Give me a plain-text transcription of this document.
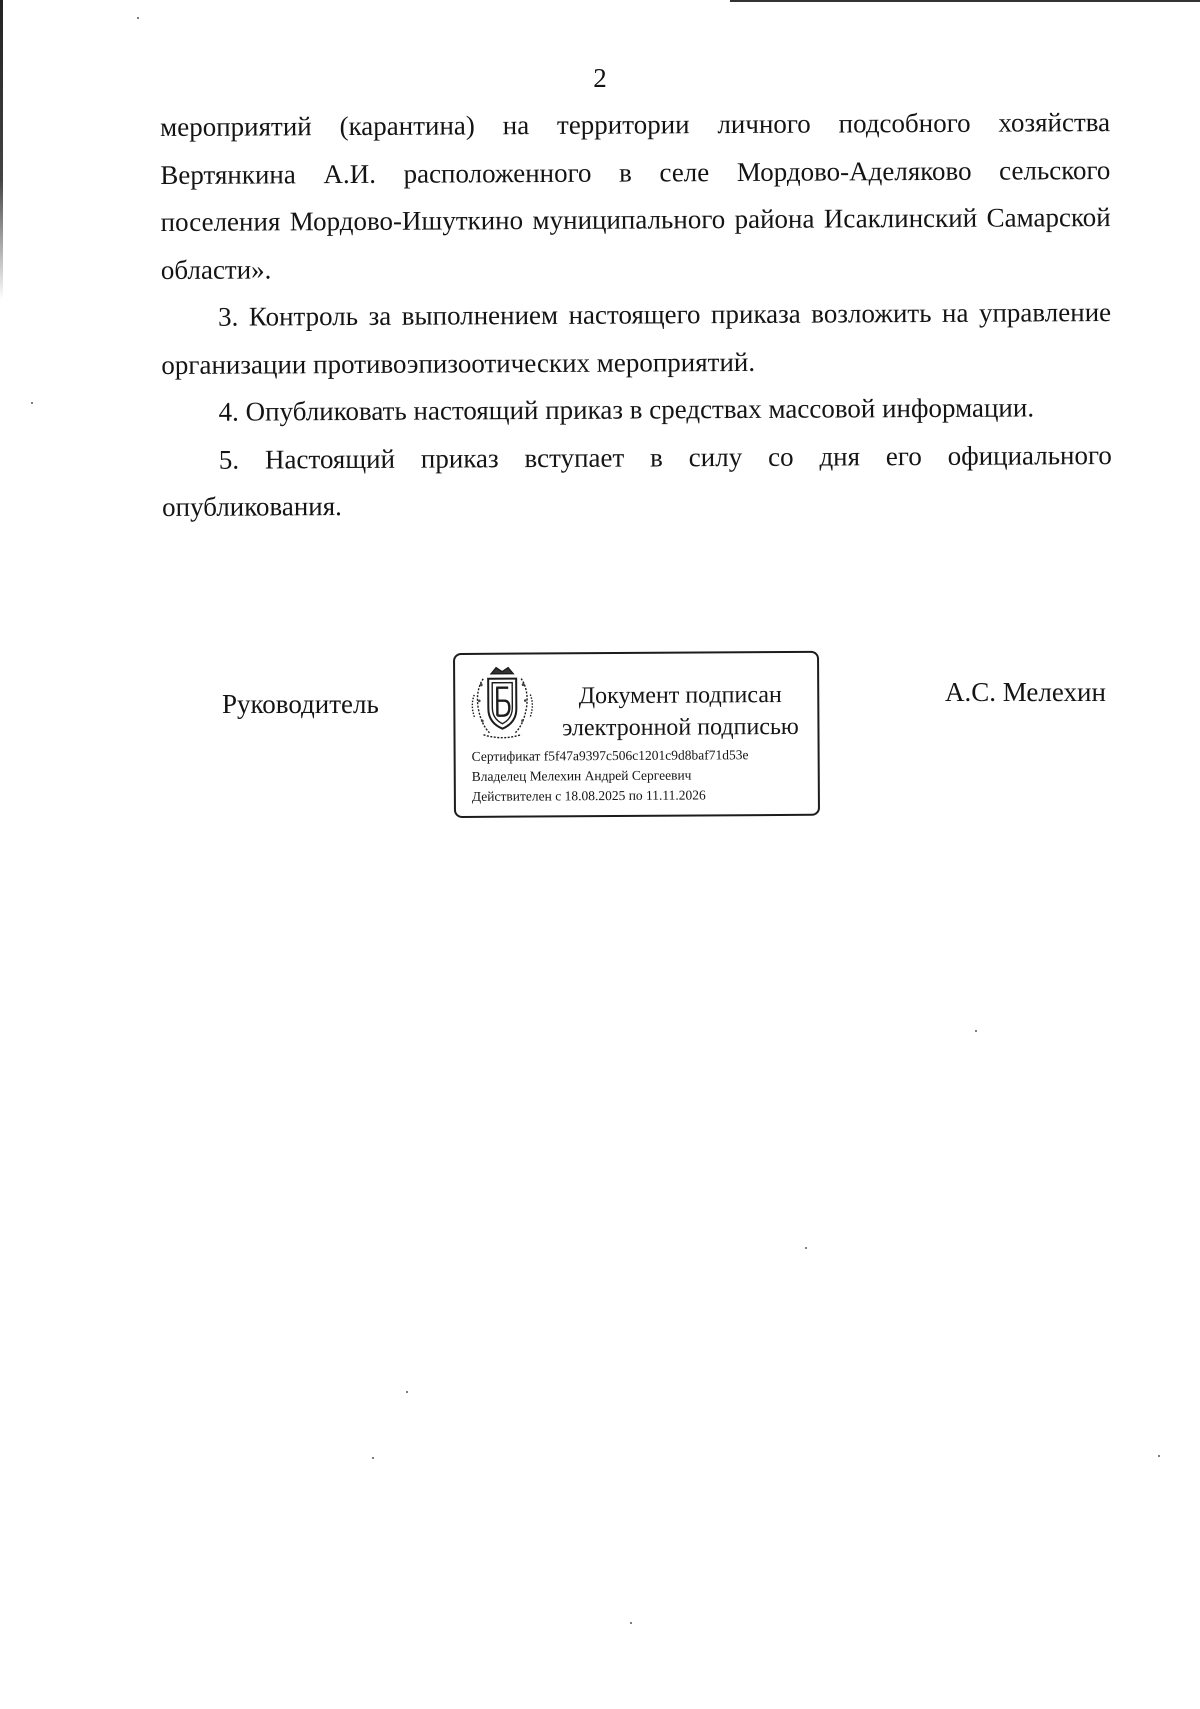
2

мероприятий (карантина) на территории личного подсобного хозяйства Вертянкина А.И. расположенного в селе Мордово-Аделяково сельского поселения Мордово-Ишуткино муниципального района Исаклинский Самарской области».

3. Контроль за выполнением настоящего приказа возложить на управление организации противоэпизоотических мероприятий.

4. Опубликовать настоящий приказ в средствах массовой информации.

5. Настоящий приказ вступает в силу со дня его официального опубликования.

Руководитель	Документ подписан
электронной подписью
Сертификат f5f47a9397c506c1201c9d8baf71d53e
Владелец Мелехин Андрей Сергеевич
Действителен с 18.08.2025 по 11.11.2026
А.С. Мелехин
